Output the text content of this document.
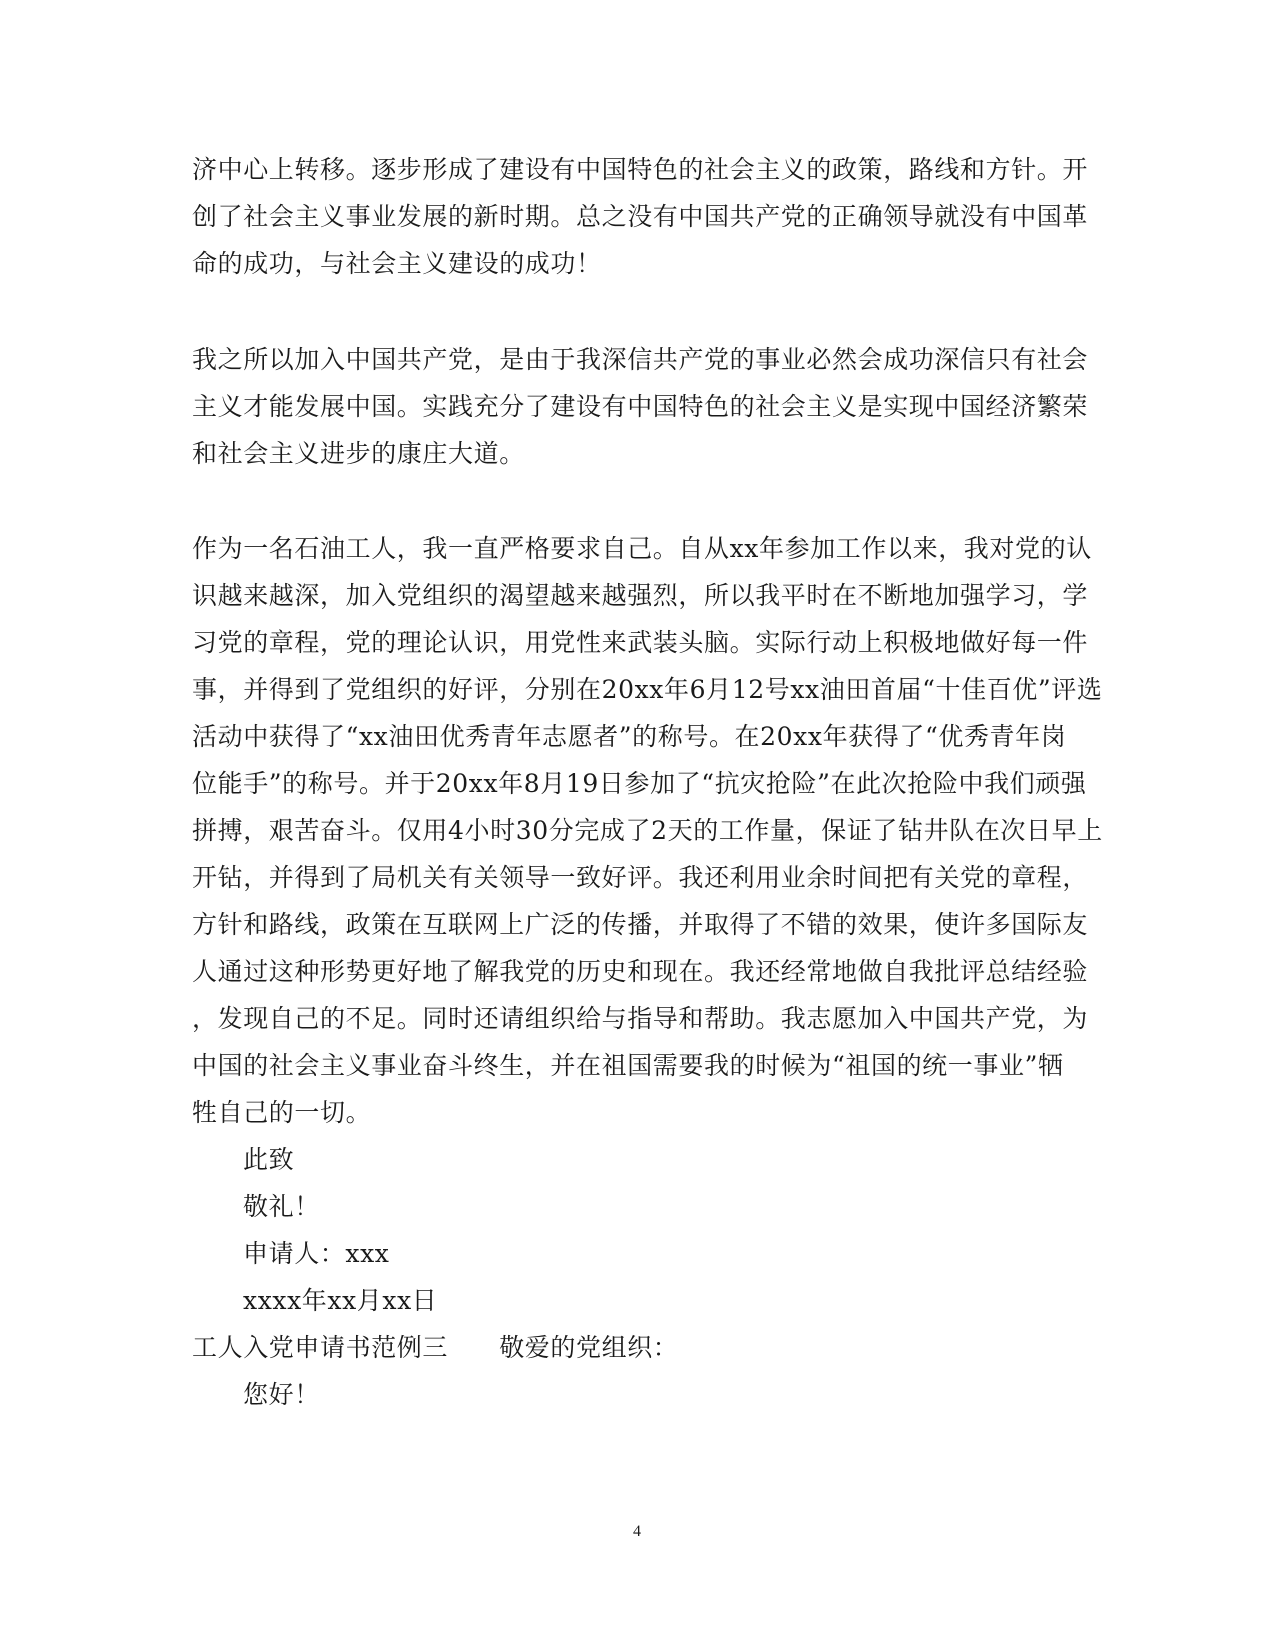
济中心上转移。逐步形成了建设有中国特色的社会主义的政策，路线和方针。开
创了社会主义事业发展的新时期。总之没有中国共产党的正确领导就没有中国革
命的成功，与社会主义建设的成功！
我之所以加入中国共产党，是由于我深信共产党的事业必然会成功深信只有社会
主义才能发展中国。实践充分了建设有中国特色的社会主义是实现中国经济繁荣
和社会主义进步的康庄大道。
作为一名石油工人，我一直严格要求自己。自从xx年参加工作以来，我对党的认
识越来越深，加入党组织的渴望越来越强烈，所以我平时在不断地加强学习，学
习党的章程，党的理论认识，用党性来武装头脑。实际行动上积极地做好每一件
事，并得到了党组织的好评，分别在20xx年6月12号xx油田首届“十佳百优”评选
活动中获得了“xx油田优秀青年志愿者”的称号。在20xx年获得了“优秀青年岗
位能手”的称号。并于20xx年8月19日参加了“抗灾抢险”在此次抢险中我们顽强
拼搏，艰苦奋斗。仅用4小时30分完成了2天的工作量，保证了钻井队在次日早上
开钻，并得到了局机关有关领导一致好评。我还利用业余时间把有关党的章程，
方针和路线，政策在互联网上广泛的传播，并取得了不错的效果，使许多国际友
人通过这种形势更好地了解我党的历史和现在。我还经常地做自我批评总结经验
，发现自己的不足。同时还请组织给与指导和帮助。我志愿加入中国共产党，为
中国的社会主义事业奋斗终生，并在祖国需要我的时候为“祖国的统一事业”牺
牲自己的一切。
此致
敬礼！
申请人：xxx
xxxx年xx月xx日
工人入党申请书范例三　　敬爱的党组织：
您好！
4
